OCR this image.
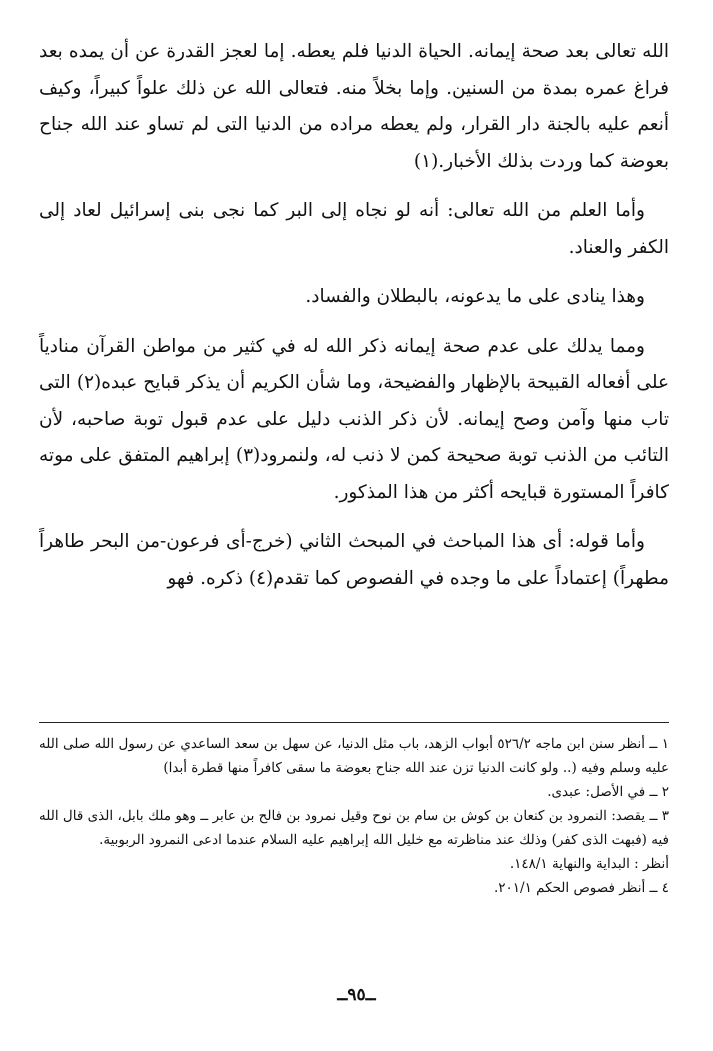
الله تعالى بعد صحة إيمانه. الحياة الدنيا فلم يعطه. إما لعجز القدرة عن أن يمده بعد فراغ عمره بمدة من السنين. وإما بخلاً منه. فتعالى الله عن ذلك علواً كبيراً، وكيف أنعم عليه بالجنة دار القرار، ولم يعطه مراده من الدنيا التى لم تساو عند الله جناح بعوضة كما وردت بذلك الأخبار.(١)

وأما العلم من الله تعالى: أنه لو نجاه إلى البر كما نجى بنى إسرائيل لعاد إلى الكفر والعناد.

وهذا ينادى على ما يدعونه، بالبطلان والفساد.

ومما يدلك على عدم صحة إيمانه ذكر الله له في كثير من مواطن القرآن منادياً على أفعاله القبيحة بالإظهار والفضيحة، وما شأن الكريم أن يذكر قبايح عبده(٢) التى تاب منها وآمن وصح إيمانه. لأن ذكر الذنب دليل على عدم قبول توبة صاحبه، لأن التائب من الذنب توبة صحيحة كمن لا ذنب له، ولنمرود(٣) إبراهيم المتفق على موته كافراً المستورة قبايحه أكثر من هذا المذكور.

وأما قوله: أى هذا المباحث في المبحث الثاني (خرج-أى فرعون-من البحر طاهراً مطهراً) إعتماداً على ما وجده في الفصوص كما تقدم(٤) ذكره. فهو

١ ــ أنظر سنن ابن ماجه ٥٢٦/٢ أبواب الزهد، باب مثل الدنيا، عن سهل بن سعد الساعدي عن رسول الله صلى الله عليه وسلم وفيه (.. ولو كانت الدنيا تزن عند الله جناح بعوضة ما سقى كافراً منها قطرة أبدا)

٢ ــ في الأصل: عبدى.

٣ ــ يقصد: النمرود بن كنعان بن كوش بن سام بن نوح وقيل نمرود بن فالح بن عابر ــ وهو ملك بابل، الذى قال الله فيه (فبهت الذى كفر) وذلك عند مناظرته مع خليل الله إبراهيم عليه السلام عندما ادعى النمرود الربوبية.

أنظر : البداية والنهاية ١٤٨/١.

٤ ــ أنظر فصوص الحكم ٢٠١/١.

ــ٩٥ــ
